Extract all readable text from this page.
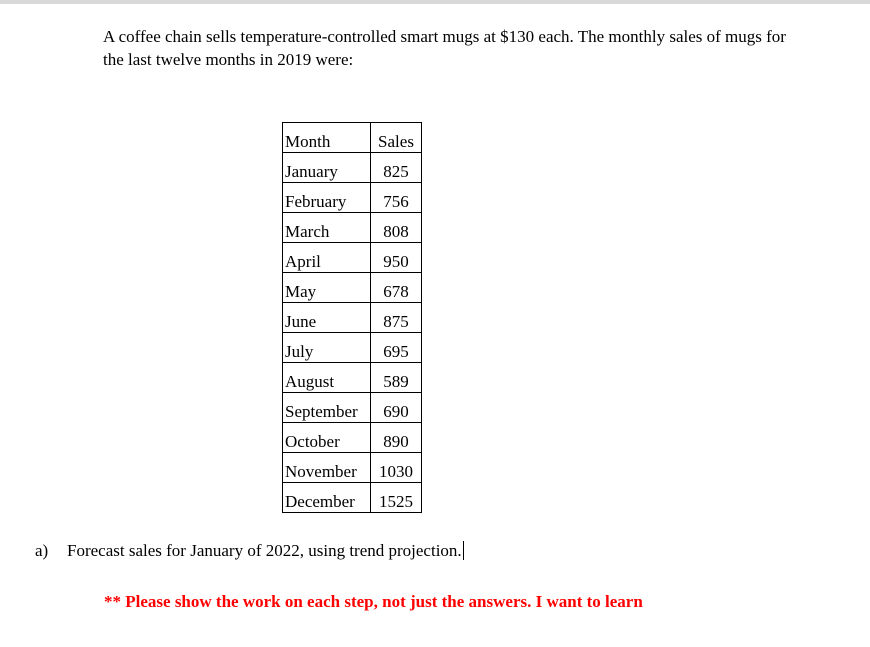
A coffee chain sells temperature-controlled smart mugs at $130 each. The monthly sales of mugs for the last twelve months in 2019 were:

Month	Sales
January	825
February	756
March	808
April	950
May	678
June	875
July	695
August	589
September	690
October	890
November	1030
December	1525
a) Forecast sales for January of 2022, using trend projection.
** Please show the work on each step, not just the answers. I want to learn
